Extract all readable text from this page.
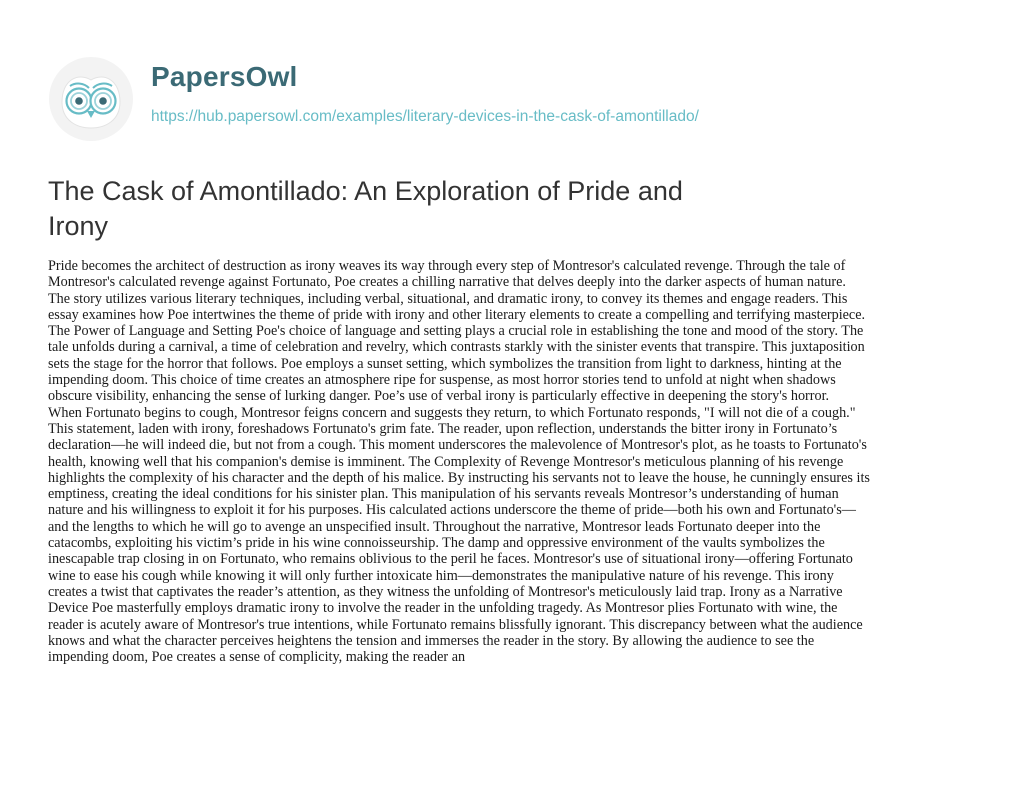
PapersOwl
https://hub.papersowl.com/examples/literary-devices-in-the-cask-of-amontillado/
The Cask of Amontillado: An Exploration of Pride and Irony
Pride becomes the architect of destruction as irony weaves its way through every step of Montresor's calculated revenge. Through the tale of
Montresor's calculated revenge against Fortunato, Poe creates a chilling narrative that delves deeply into the darker aspects of human nature.
The story utilizes various literary techniques, including verbal, situational, and dramatic irony, to convey its themes and engage readers. This
essay examines how Poe intertwines the theme of pride with irony and other literary elements to create a compelling and terrifying masterpiece.
The Power of Language and Setting Poe's choice of language and setting plays a crucial role in establishing the tone and mood of the story. The
tale unfolds during a carnival, a time of celebration and revelry, which contrasts starkly with the sinister events that transpire. This juxtaposition
sets the stage for the horror that follows. Poe employs a sunset setting, which symbolizes the transition from light to darkness, hinting at the
impending doom. This choice of time creates an atmosphere ripe for suspense, as most horror stories tend to unfold at night when shadows
obscure visibility, enhancing the sense of lurking danger. Poe’s use of verbal irony is particularly effective in deepening the story's horror.
When Fortunato begins to cough, Montresor feigns concern and suggests they return, to which Fortunato responds, "I will not die of a cough."
This statement, laden with irony, foreshadows Fortunato's grim fate. The reader, upon reflection, understands the bitter irony in Fortunato’s
declaration—he will indeed die, but not from a cough. This moment underscores the malevolence of Montresor's plot, as he toasts to Fortunato's
health, knowing well that his companion's demise is imminent. The Complexity of Revenge Montresor's meticulous planning of his revenge
highlights the complexity of his character and the depth of his malice. By instructing his servants not to leave the house, he cunningly ensures its
emptiness, creating the ideal conditions for his sinister plan. This manipulation of his servants reveals Montresor’s understanding of human
nature and his willingness to exploit it for his purposes. His calculated actions underscore the theme of pride—both his own and Fortunato's—
and the lengths to which he will go to avenge an unspecified insult. Throughout the narrative, Montresor leads Fortunato deeper into the
catacombs, exploiting his victim’s pride in his wine connoisseurship. The damp and oppressive environment of the vaults symbolizes the
inescapable trap closing in on Fortunato, who remains oblivious to the peril he faces. Montresor's use of situational irony—offering Fortunato
wine to ease his cough while knowing it will only further intoxicate him—demonstrates the manipulative nature of his revenge. This irony
creates a twist that captivates the reader’s attention, as they witness the unfolding of Montresor's meticulously laid trap. Irony as a Narrative
Device Poe masterfully employs dramatic irony to involve the reader in the unfolding tragedy. As Montresor plies Fortunato with wine, the
reader is acutely aware of Montresor's true intentions, while Fortunato remains blissfully ignorant. This discrepancy between what the audience
knows and what the character perceives heightens the tension and immerses the reader in the story. By allowing the audience to see the
impending doom, Poe creates a sense of complicity, making the reader an
